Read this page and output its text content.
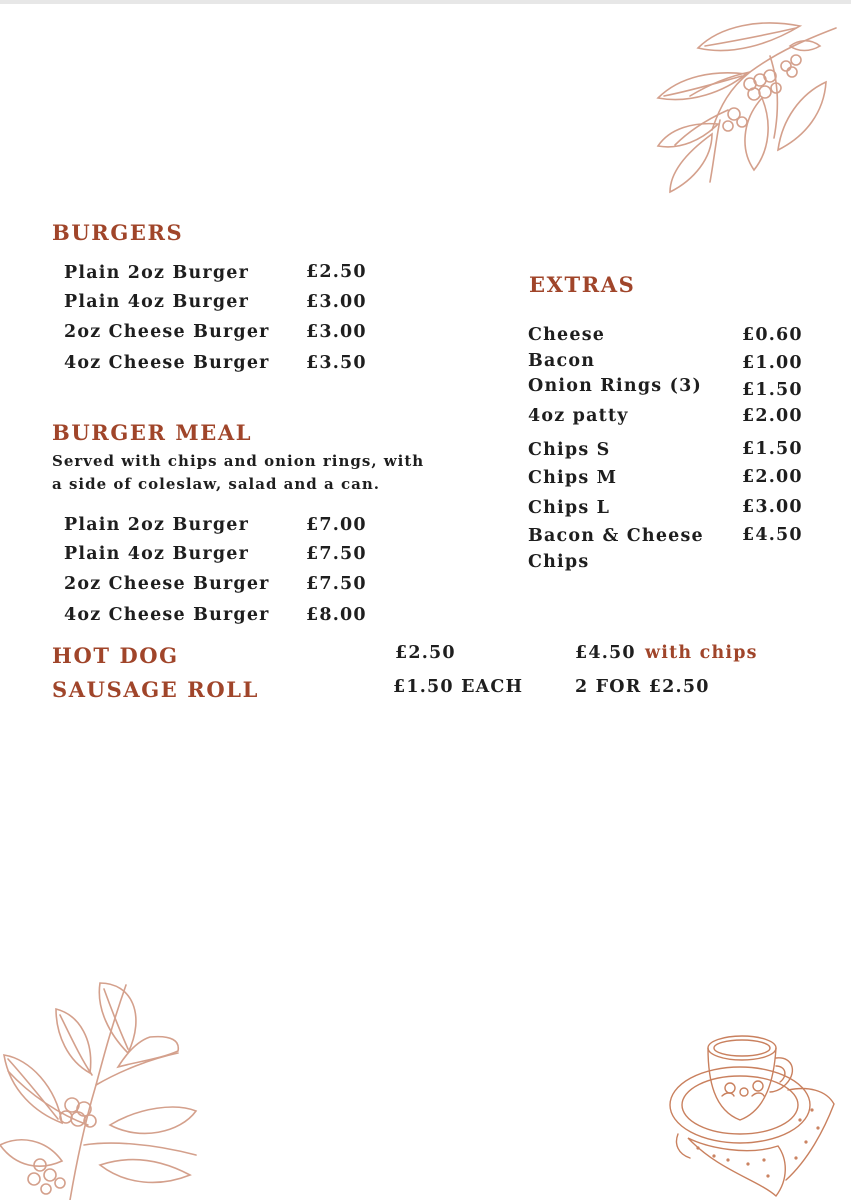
BURGERS
Plain 2oz Burger	£2.50
Plain 4oz Burger	£3.00
2oz Cheese Burger £3.00
4oz Cheese Burger £3.50
BURGER MEAL
Served with chips and onion rings, with
a side of coleslaw, salad and a can.
Plain 2oz Burger	£7.00
Plain 4oz Burger	£7.50
2oz Cheese Burger £7.50
4oz Cheese Burger £8.00
EXTRAS
Cheese	£0.60
Bacon	£1.00
Onion Rings (3) £1.50
4oz patty	£2.00
Chips S	£1.50
Chips M	£2.00
Chips L	£3.00
Bacon & Cheese
Chips
£4.50
HOT DOG	£2.50	£4.50 with chips
SAUSAGE ROLL	£1.50 EACH	2 FOR £2.50
